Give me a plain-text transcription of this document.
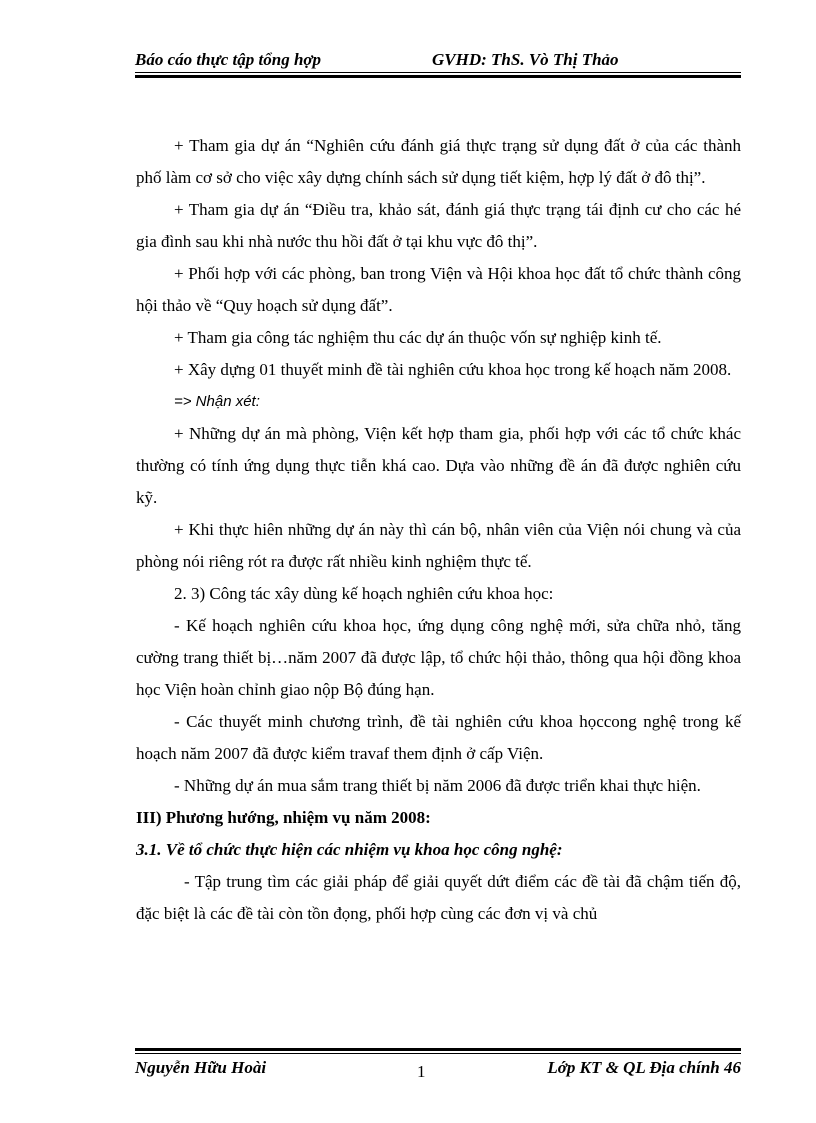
Báo cáo thực tập tổng hợp	GVHD: ThS. Vò Thị Thảo

+ Tham gia dự án “Nghiên cứu đánh giá thực trạng sử dụng đất ở của các thành phố làm cơ sở cho việc xây dựng chính sách sử dụng tiết kiệm, hợp lý đất ở đô thị”.

+ Tham gia dự án “Điều tra, khảo sát, đánh giá thực trạng tái định cư cho các hé gia đình sau khi nhà nước thu hồi đất ở tại khu vực đô thị”.

+ Phối hợp với các phòng, ban trong Viện và Hội khoa học đất tổ chức thành công hội thảo về “Quy hoạch sử dụng đất”.

+ Tham gia công tác nghiệm thu các dự án thuộc vốn sự nghiệp kinh tế.

+ Xây dựng 01 thuyết minh đề tài nghiên cứu khoa học trong kế hoạch năm 2008.

=> Nhận xét:

+ Những dự án mà phòng, Viện kết hợp tham gia, phối hợp với các tổ chức khác thường có tính ứng dụng thực tiễn khá cao. Dựa vào những đề án đã được nghiên cứu kỹ.

+ Khi thực hiên những dự án này thì cán bộ, nhân viên của Viện nói chung và của phòng nói riêng rót ra được rất nhiều kinh nghiệm thực tế.

2. 3) Công tác xây dùng kế hoạch nghiên cứu khoa học:

- Kế hoạch nghiên cứu khoa học, ứng dụng công nghệ mới, sửa chữa nhỏ, tăng cường trang thiết bị…năm 2007 đã được lập, tổ chức hội thảo, thông qua hội đồng khoa học Viện hoàn chỉnh giao nộp Bộ đúng hạn.

- Các thuyết minh chương trình, đề tài nghiên cứu khoa họccong nghệ trong kế hoạch năm 2007 đã được kiểm travaf them định ở cấp Viện.

- Những dự án mua sắm trang thiết bị năm 2006 đã được triển khai thực hiện.

III) Phương hướng, nhiệm vụ năm 2008:

3.1. Về tổ chức thực hiện các nhiệm vụ khoa học công nghệ:

- Tập trung tìm các giải pháp để giải quyết dứt điểm các đề tài đã chậm tiến độ, đặc biệt là các đề tài còn tồn đọng, phối hợp cùng các đơn vị và chủ

Nguyễn Hữu Hoài	1	Lớp KT & QL Địa chính 46
